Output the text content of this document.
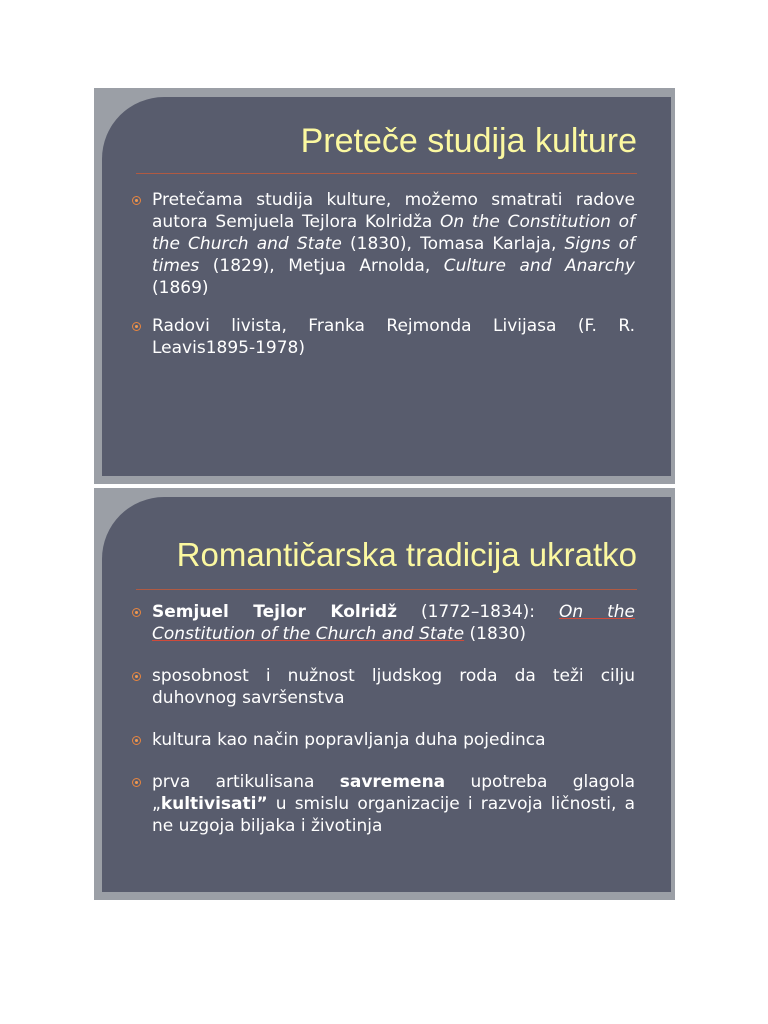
Preteče studija kulture
Pretečama studija kulture, možemo smatrati radove autora Semjuela Tejlora Kolridža On the Constitution of the Church and State (1830), Tomasa Karlaja, Signs of times (1829), Metjua Arnolda, Culture and Anarchy (1869)
Radovi livista, Franka Rejmonda Livijasa (F. R. Leavis1895-1978)
Romantičarska tradicija ukratko
Semjuel Tejlor Kolridž (1772–1834): On the Constitution of the Church and State (1830)
sposobnost i nužnost ljudskog roda da teži cilju duhovnog savršenstva
kultura kao način popravljanja duha pojedinca
prva artikulisana savremena upotreba glagola „kultivisati” u smislu organizacije i razvoja ličnosti, a ne uzgoja biljaka i životinja
